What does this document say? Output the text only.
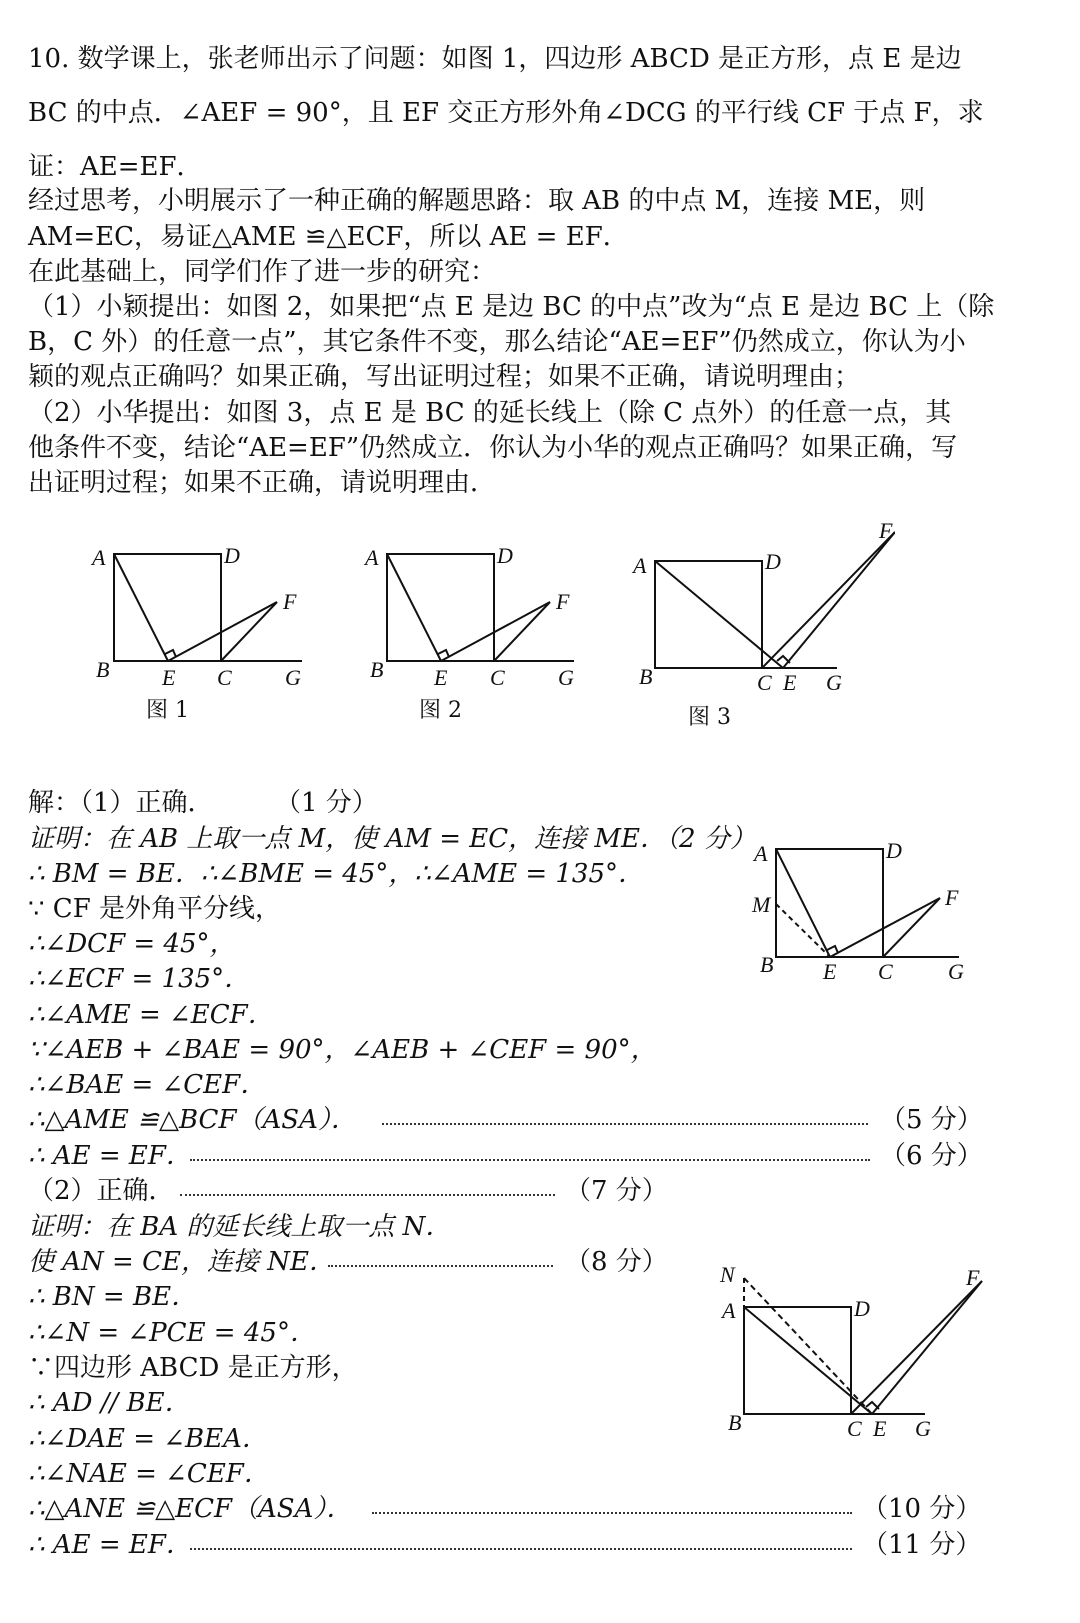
10. 数学课上，张老师出示了问题：如图 1，四边形 ABCD 是正方形，点 E 是边
BC 的中点．∠AEF = 90°，且 EF 交正方形外角∠DCG 的平行线 CF 于点 F，求
证：AE=EF．
经过思考，小明展示了一种正确的解题思路：取 AB 的中点 M，连接 ME，则
AM=EC，易证△AME ≌△ECF，所以 AE = EF．
在此基础上，同学们作了进一步的研究：
（1）小颖提出：如图 2，如果把“点 E 是边 BC 的中点”改为“点 E 是边 BC 上（除
B，C 外）的任意一点”，其它条件不变，那么结论“AE=EF”仍然成立，你认为小
颖的观点正确吗？如果正确，写出证明过程；如果不正确，请说明理由；
（2）小华提出：如图 3，点 E 是 BC 的延长线上（除 C 点外）的任意一点，其
他条件不变，结论“AE=EF”仍然成立．你认为小华的观点正确吗？如果正确，写
出证明过程；如果不正确，请说明理由．
A	D
B E C G
F
图 1
A	D
B E C G
F
图 2
A	D
B	C E G
F
图 3
解：（1）正确． （1 分）
证明：在 AB 上取一点 M，使 AM = EC，连接 ME．（2 分）
∴ BM = BE．∴∠BME = 45°，∴∠AME = 135°．
∵ CF 是外角平分线，
∴∠DCF = 45°，
∴∠ECF = 135°．
∴∠AME = ∠ECF．
∵∠AEB + ∠BAE = 90°，∠AEB + ∠CEF = 90°，
∴∠BAE = ∠CEF．
∴△AME ≌△BCF（ASA）．	（5 分）
∴ AE = EF．	（6 分）
A	D
M
B E C	G
F
（2）正确．	（7 分）
证明：在 BA 的延长线上取一点 N．
使 AN = CE，连接 NE．	（8 分）
∴ BN = BE．
∴∠N = ∠PCE = 45°．
∵四边形 ABCD 是正方形，
∴ AD // BE．
∴∠DAE = ∠BEA．
∴∠NAE = ∠CEF．
∴△ANE ≌△ECF（ASA）．	（10 分）
∴ AE = EF．	（11 分）
N
A	D
B	C E G
F
